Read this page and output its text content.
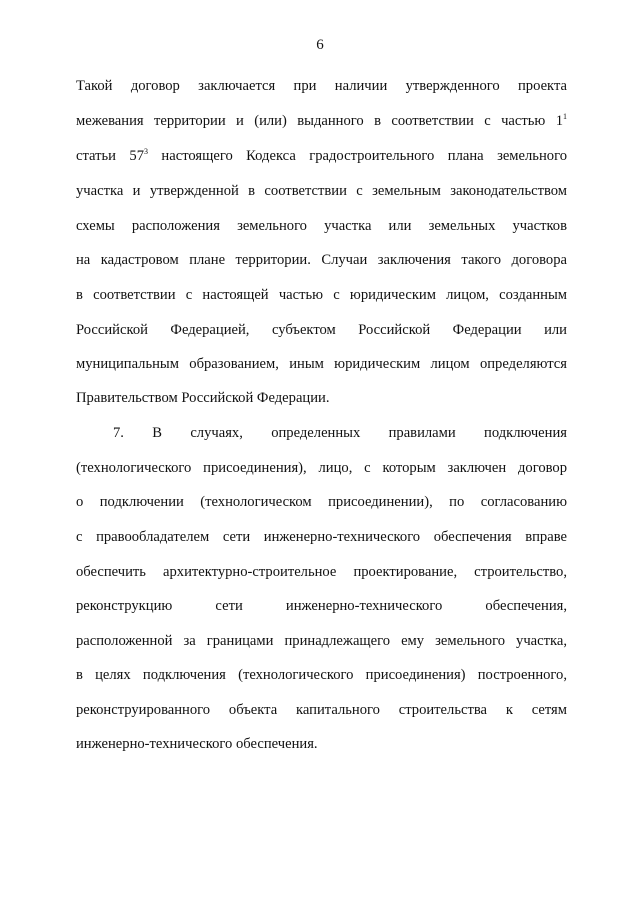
6
Такой договор заключается при наличии утвержденного проекта
межевания территории и (или) выданного в соответствии с частью $1^1$
статьи $57^3$ настоящего Кодекса градостроительного плана земельного
участка и утвержденной в соответствии с земельным законодательством
схемы расположения земельного участка или земельных участков
на кадастровом плане территории. Случаи заключения такого договора
в соответствии с настоящей частью с юридическим лицом, созданным
Российской Федерацией, субъектом Российской Федерации или
муниципальным образованием, иным юридическим лицом определяются
Правительством Российской Федерации.
7. В случаях, определенных правилами подключения
(технологического присоединения), лицо, с которым заключен договор
о подключении (технологическом присоединении), по согласованию
с правообладателем сети инженерно-технического обеспечения вправе
обеспечить архитектурно-строительное проектирование, строительство,
реконструкцию сети инженерно-технического обеспечения,
расположенной за границами принадлежащего ему земельного участка,
в целях подключения (технологического присоединения) построенного,
реконструированного объекта капитального строительства к сетям
инженерно-технического обеспечения.
